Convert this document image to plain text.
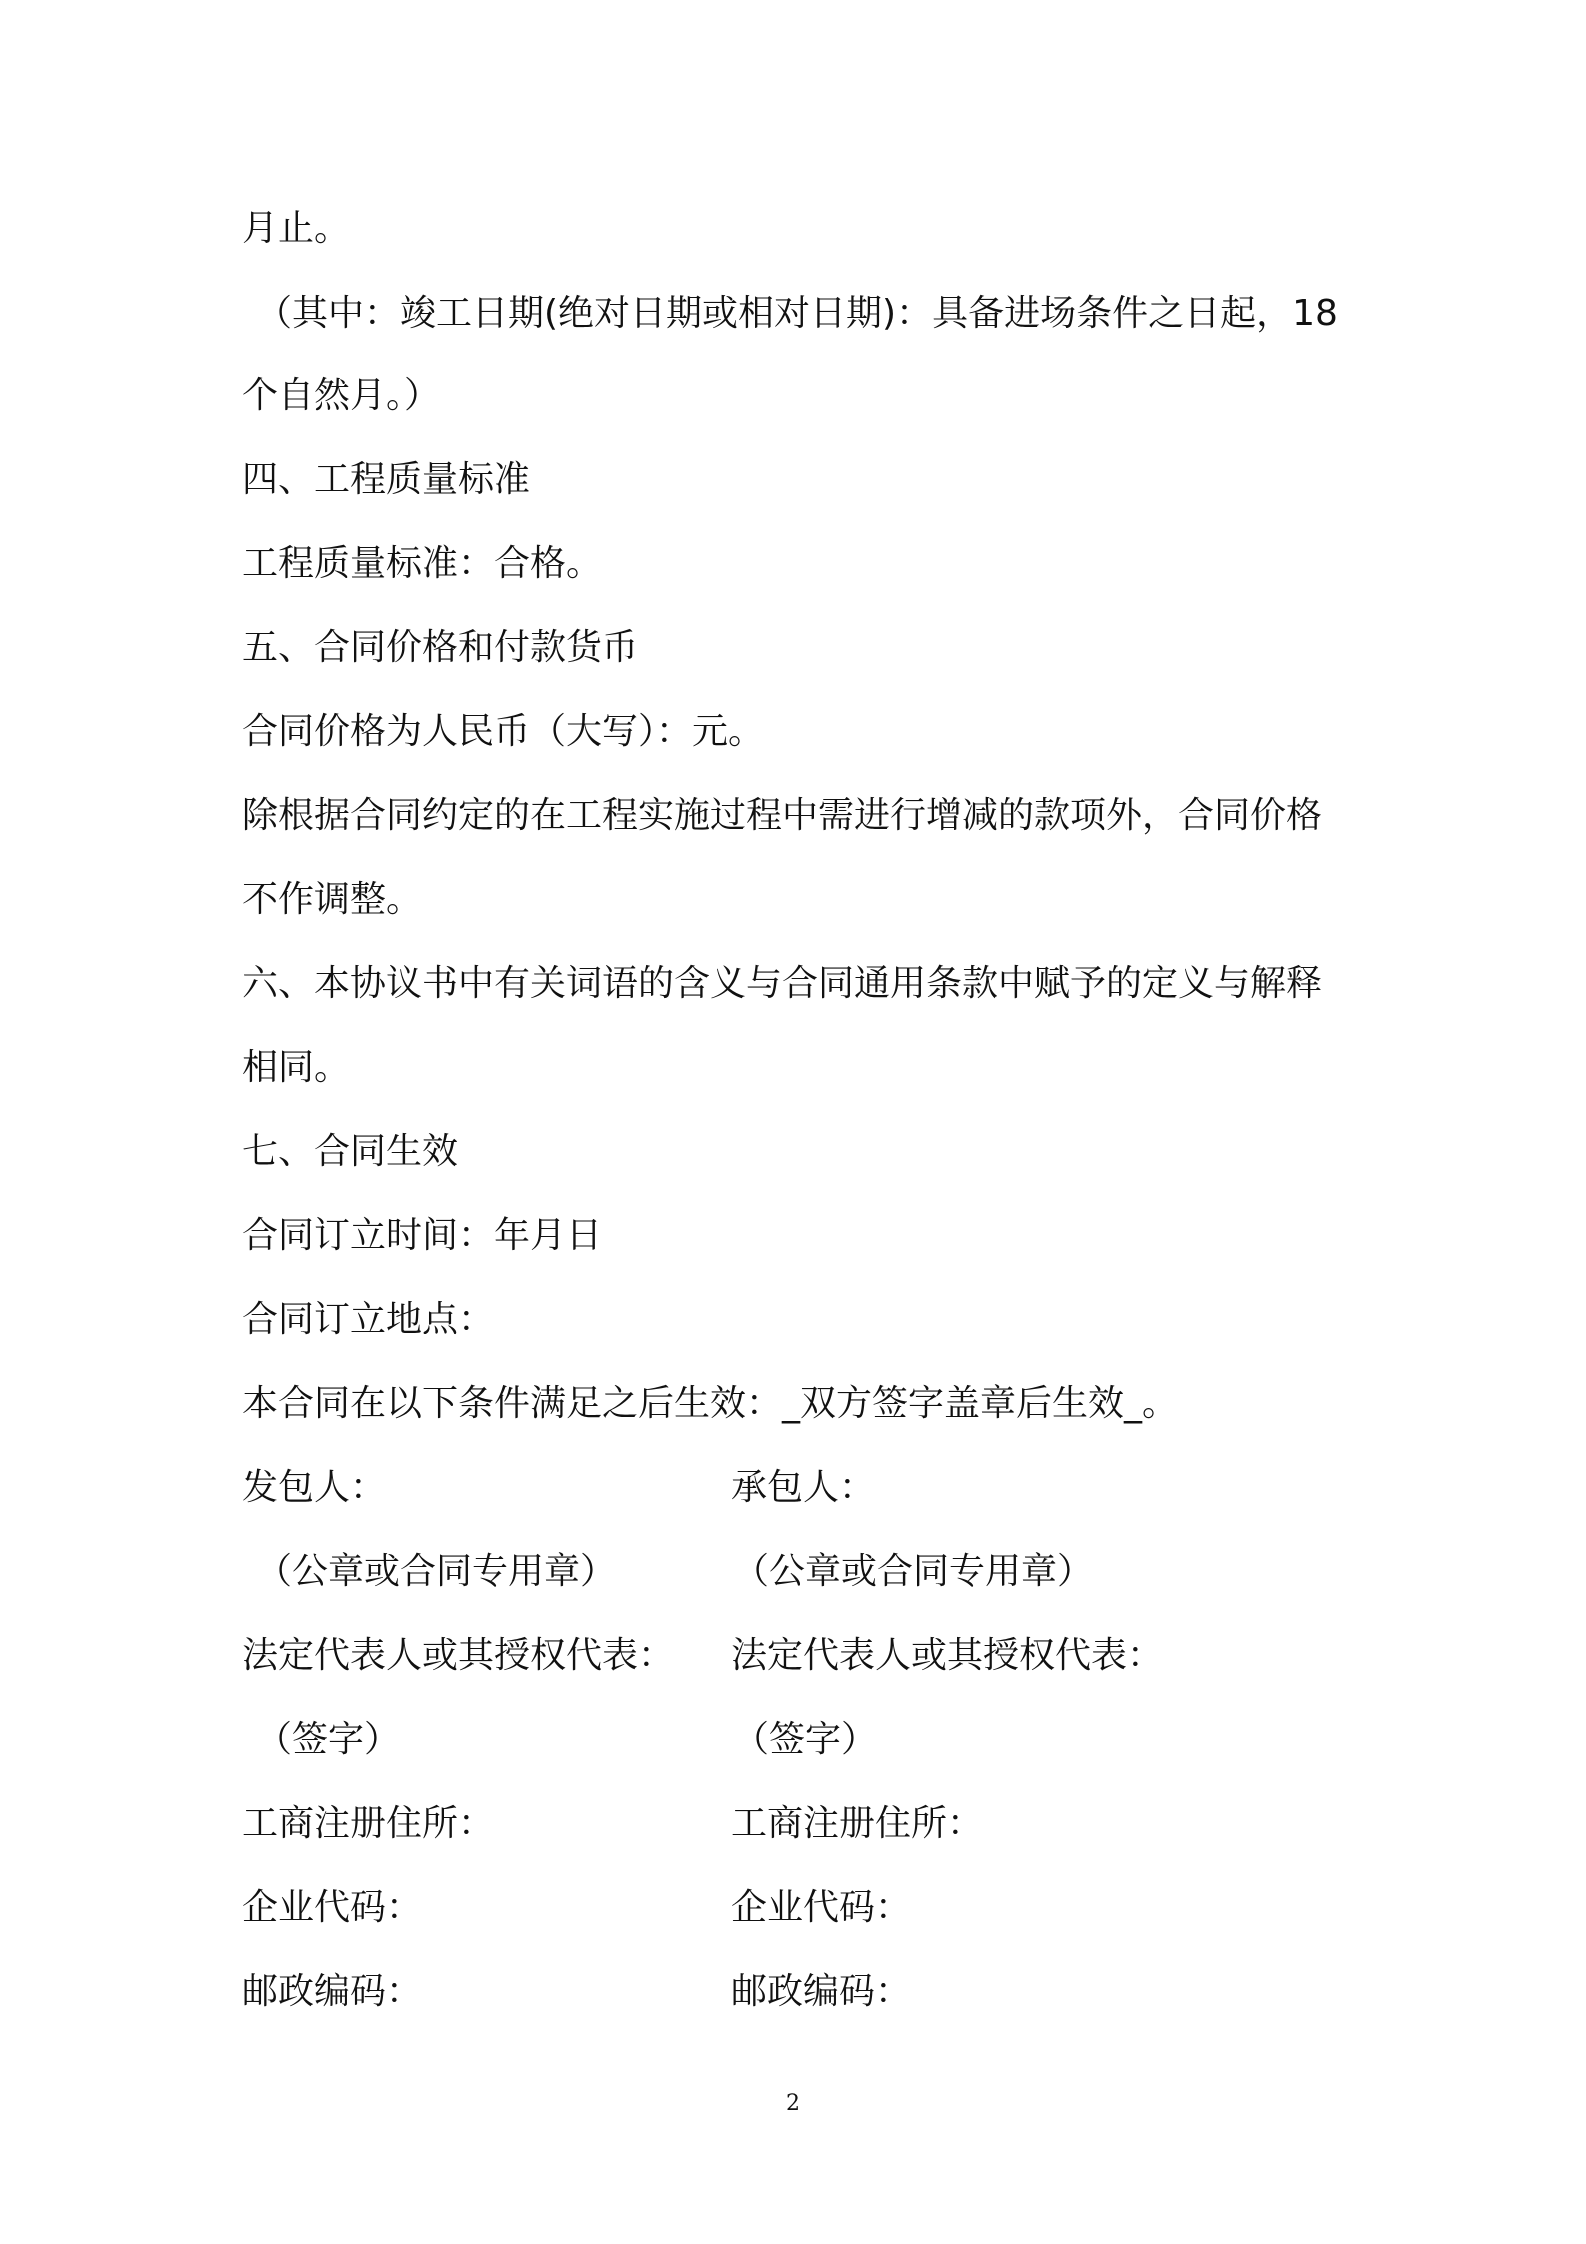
月止。
（其中：竣工日期(绝对日期或相对日期)：具备进场条件之日起，18
个自然月。）
四、工程质量标准
工程质量标准：合格。
五、合同价格和付款货币
合同价格为人民币（大写）：元。
除根据合同约定的在工程实施过程中需进行增减的款项外，合同价格
不作调整。
六、本协议书中有关词语的含义与合同通用条款中赋予的定义与解释
相同。
七、合同生效
合同订立时间：年月日
合同订立地点：
本合同在以下条件满足之后生效：_双方签字盖章后生效_。
发包人：
（公章或合同专用章）
法定代表人或其授权代表：
（签字）
工商注册住所：
企业代码：
邮政编码：
承包人：
（公章或合同专用章）
法定代表人或其授权代表：
（签字）
工商注册住所：
企业代码：
邮政编码：
2
